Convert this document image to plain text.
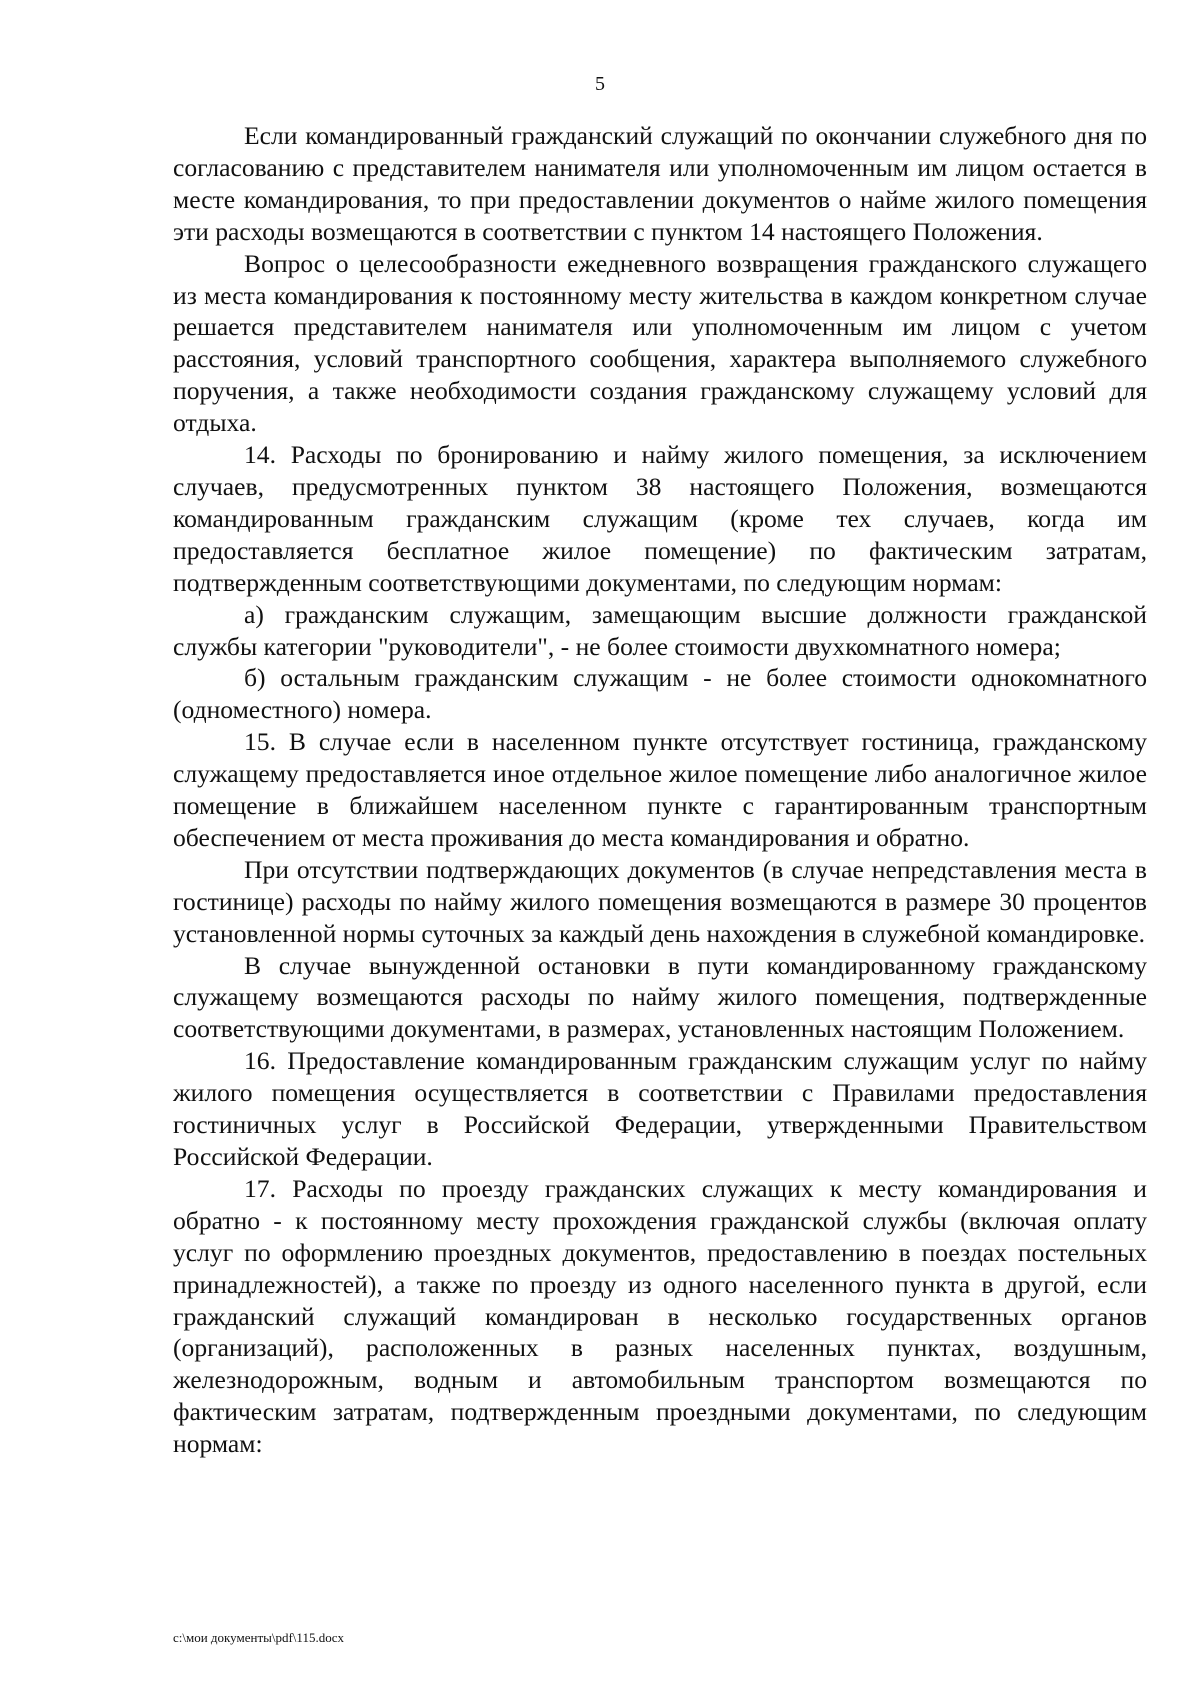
5

Если командированный гражданский служащий по окончании служебного дня по согласованию с представителем нанимателя или уполномоченным им лицом остается в месте командирования, то при предоставлении документов о найме жилого помещения эти расходы возмещаются в соответствии с пунктом 14 настоящего Положения.

Вопрос о целесообразности ежедневного возвращения гражданского служащего из места командирования к постоянному месту жительства в каждом конкретном случае решается представителем нанимателя или уполномоченным им лицом с учетом расстояния, условий транспортного сообщения, характера выполняемого служебного поручения, а также необходимости создания гражданскому служащему условий для отдыха.

14. Расходы по бронированию и найму жилого помещения, за исключением случаев, предусмотренных пунктом 38 настоящего Положения, возмещаются командированным гражданским служащим (кроме тех случаев, когда им предоставляется бесплатное жилое помещение) по фактическим затратам, подтвержденным соответствующими документами, по следующим нормам:

а) гражданским служащим, замещающим высшие должности гражданской службы категории "руководители", - не более стоимости двухкомнатного номера;

б) остальным гражданским служащим - не более стоимости однокомнатного (одноместного) номера.

15. В случае если в населенном пункте отсутствует гостиница, гражданскому служащему предоставляется иное отдельное жилое помещение либо аналогичное жилое помещение в ближайшем населенном пункте с гарантированным транспортным обеспечением от места проживания до места командирования и обратно.

При отсутствии подтверждающих документов (в случае непредставления места в гостинице) расходы по найму жилого помещения возмещаются в размере 30 процентов установленной нормы суточных за каждый день нахождения в служебной командировке.

В случае вынужденной остановки в пути командированному гражданскому служащему возмещаются расходы по найму жилого помещения, подтвержденные соответствующими документами, в размерах, установленных настоящим Положением.

16. Предоставление командированным гражданским служащим услуг по найму жилого помещения осуществляется в соответствии с Правилами предоставления гостиничных услуг в Российской Федерации, утвержденными Правительством Российской Федерации.

17. Расходы по проезду гражданских служащих к месту командирования и обратно - к постоянному месту прохождения гражданской службы (включая оплату услуг по оформлению проездных документов, предоставлению в поездах постельных принадлежностей), а также по проезду из одного населенного пункта в другой, если гражданский служащий командирован в несколько государственных органов (организаций), расположенных в разных населенных пунктах, воздушным, железнодорожным, водным и автомобильным транспортом возмещаются по фактическим затратам, подтвержденным проездными документами, по следующим нормам:

c:\мои документы\pdf\115.docx
